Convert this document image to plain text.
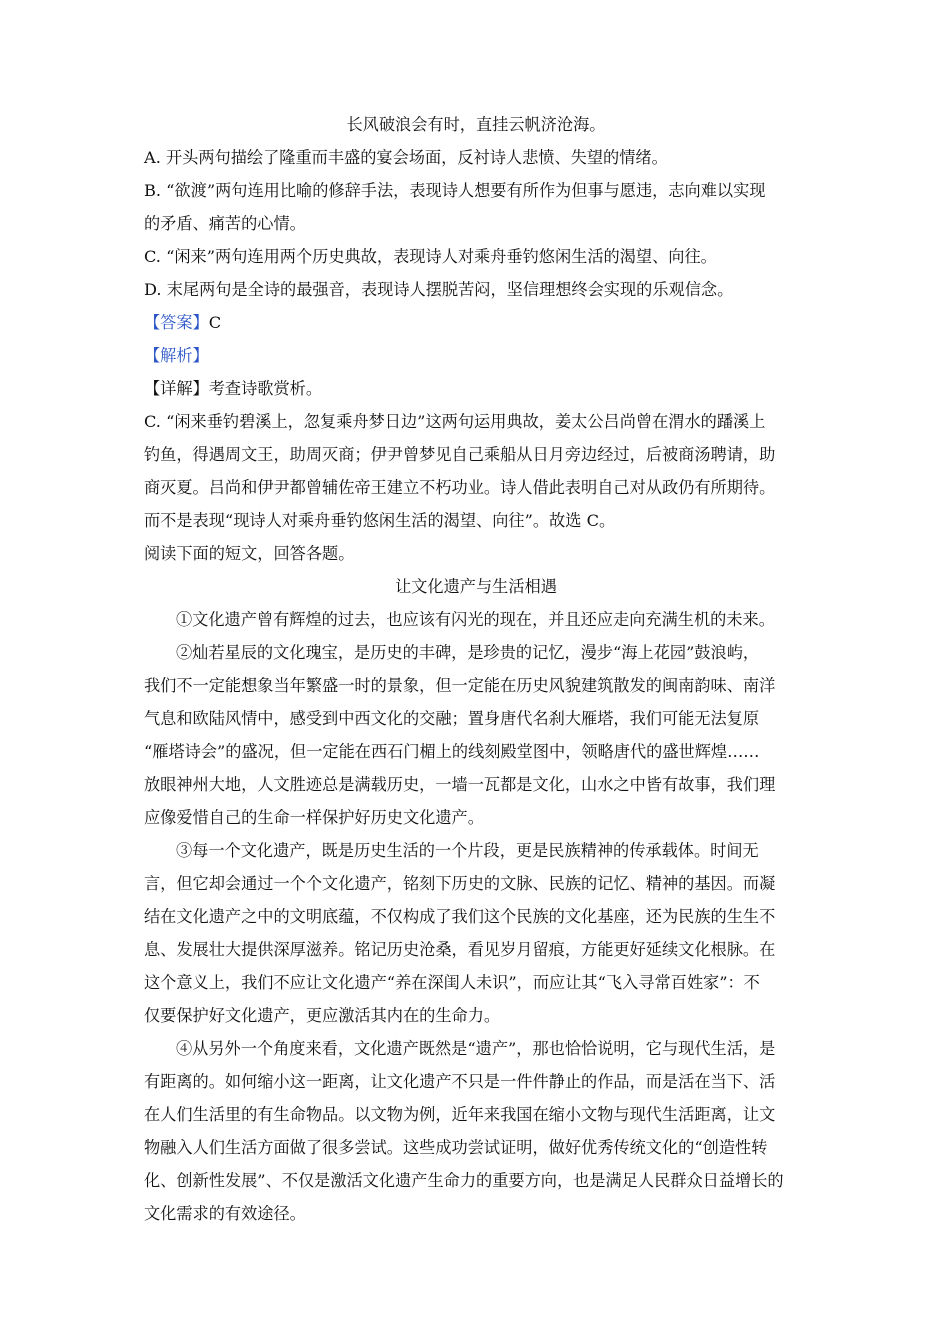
长风破浪会有时，直挂云帆济沧海。
A. 开头两句描绘了隆重而丰盛的宴会场面，反衬诗人悲愤、失望的情绪。
B. “欲渡”两句连用比喻的修辞手法，表现诗人想要有所作为但事与愿违，志向难以实现
的矛盾、痛苦的心情。
C. “闲来”两句连用两个历史典故，表现诗人对乘舟垂钓悠闲生活的渴望、向往。
D. 末尾两句是全诗的最强音，表现诗人摆脱苦闷，坚信理想终会实现的乐观信念。
【答案】C
【解析】
【详解】考查诗歌赏析。
C. “闲来垂钓碧溪上，忽复乘舟梦日边”这两句运用典故，姜太公吕尚曾在渭水的蹯溪上
钓鱼，得遇周文王，助周灭商；伊尹曾梦见自己乘船从日月旁边经过，后被商汤聘请，助
商灭夏。吕尚和伊尹都曾辅佐帝王建立不朽功业。诗人借此表明自己对从政仍有所期待。
而不是表现“现诗人对乘舟垂钓悠闲生活的渴望、向往”。故选 C。
阅读下面的短文，回答各题。
让文化遗产与生活相遇
①文化遗产曾有辉煌的过去，也应该有闪光的现在，并且还应走向充满生机的未来。
②灿若星辰的文化瑰宝，是历史的丰碑，是珍贵的记忆，漫步“海上花园”鼓浪屿，
我们不一定能想象当年繁盛一时的景象，但一定能在历史风貌建筑散发的闽南韵味、南洋
气息和欧陆风情中，感受到中西文化的交融；置身唐代名刹大雁塔，我们可能无法复原
“雁塔诗会”的盛况，但一定能在西石门楣上的线刻殿堂图中，领略唐代的盛世辉煌……
放眼神州大地，人文胜迹总是满载历史，一墙一瓦都是文化，山水之中皆有故事，我们理
应像爱惜自己的生命一样保护好历史文化遗产。
③每一个文化遗产，既是历史生活的一个片段，更是民族精神的传承载体。时间无
言，但它却会通过一个个文化遗产，铭刻下历史的文脉、民族的记忆、精神的基因。而凝
结在文化遗产之中的文明底蕴，不仅构成了我们这个民族的文化基座，还为民族的生生不
息、发展壮大提供深厚滋养。铭记历史沧桑，看见岁月留痕，方能更好延续文化根脉。在
这个意义上，我们不应让文化遗产“养在深闺人未识”，而应让其“飞入寻常百姓家”：不
仅要保护好文化遗产，更应激活其内在的生命力。
④从另外一个角度来看，文化遗产既然是“遗产”，那也恰恰说明，它与现代生活，是
有距离的。如何缩小这一距离，让文化遗产不只是一件件静止的作品，而是活在当下、活
在人们生活里的有生命物品。以文物为例，近年来我国在缩小文物与现代生活距离，让文
物融入人们生活方面做了很多尝试。这些成功尝试证明，做好优秀传统文化的“创造性转
化、创新性发展”、不仅是激活文化遗产生命力的重要方向，也是满足人民群众日益增长的
文化需求的有效途径。
